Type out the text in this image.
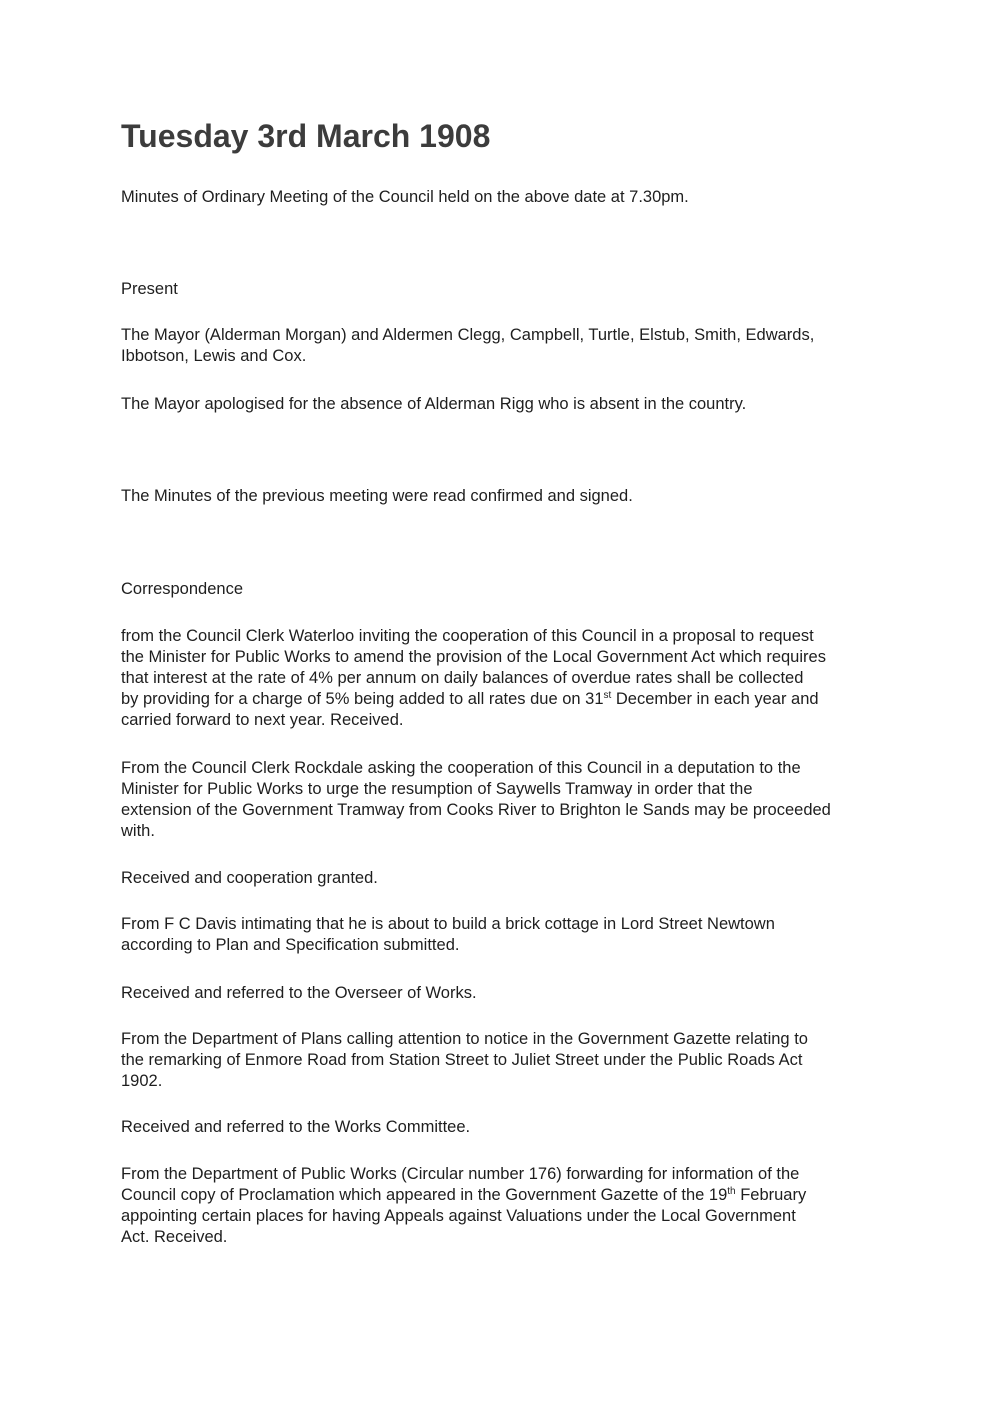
Tuesday 3rd March 1908

Minutes of Ordinary Meeting of the Council held on the above date at 7.30pm.

Present

The Mayor (Alderman Morgan) and Aldermen Clegg, Campbell, Turtle, Elstub, Smith, Edwards,
Ibbotson, Lewis and Cox.

The Mayor apologised for the absence of Alderman Rigg who is absent in the country.

The Minutes of the previous meeting were read confirmed and signed.

Correspondence

from the Council Clerk Waterloo inviting the cooperation of this Council in a proposal to request
the Minister for Public Works to amend the provision of the Local Government Act which requires
that interest at the rate of 4% per annum on daily balances of overdue rates shall be collected
by providing for a charge of 5% being added to all rates due on 31st December in each year and
carried forward to next year. Received.

From the Council Clerk Rockdale asking the cooperation of this Council in a deputation to the
Minister for Public Works to urge the resumption of Saywells Tramway in order that the
extension of the Government Tramway from Cooks River to Brighton le Sands may be proceeded
with.

Received and cooperation granted.

From F C Davis intimating that he is about to build a brick cottage in Lord Street Newtown
according to Plan and Specification submitted.

Received and referred to the Overseer of Works.

From the Department of Plans calling attention to notice in the Government Gazette relating to
the remarking of Enmore Road from Station Street to Juliet Street under the Public Roads Act
1902.

Received and referred to the Works Committee.

From the Department of Public Works (Circular number 176) forwarding for information of the
Council copy of Proclamation which appeared in the Government Gazette of the 19th February
appointing certain places for having Appeals against Valuations under the Local Government
Act. Received.
